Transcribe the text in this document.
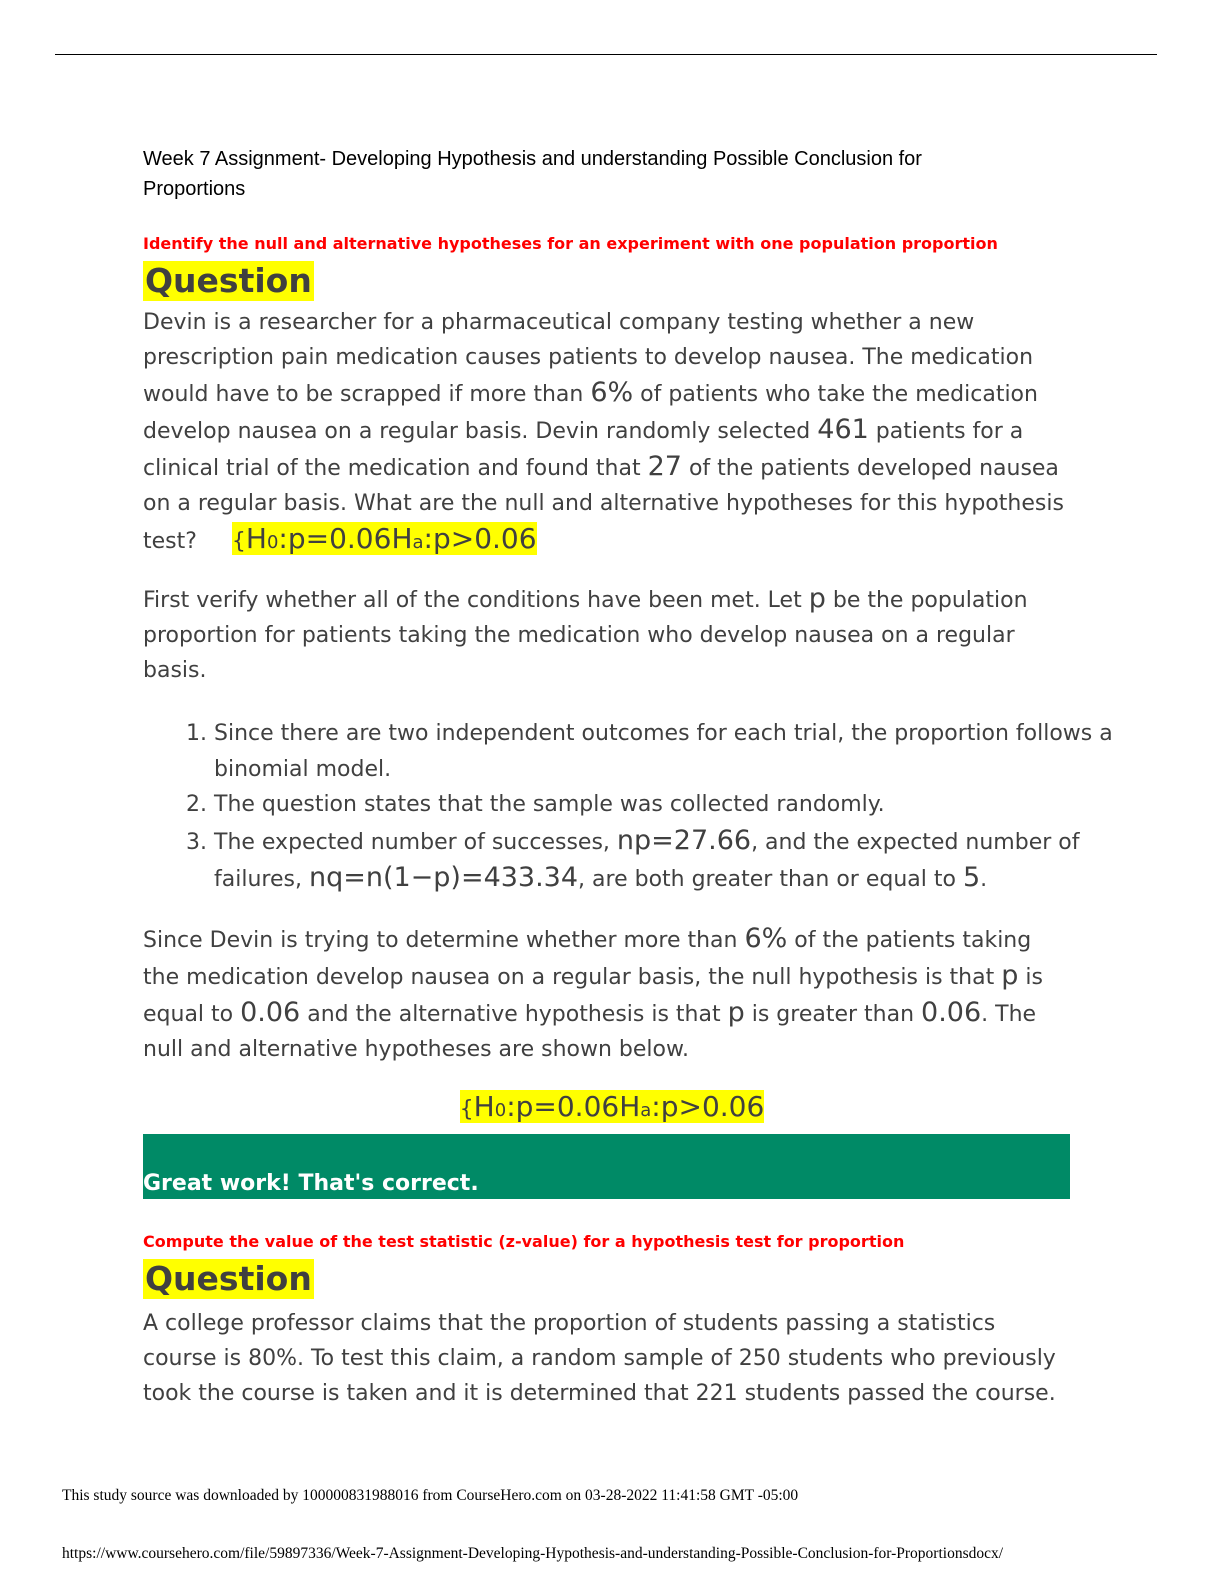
Week 7 Assignment- Developing Hypothesis and understanding Possible Conclusion for Proportions
Identify the null and alternative hypotheses for an experiment with one population proportion
Question
Devin is a researcher for a pharmaceutical company testing whether a new prescription pain medication causes patients to develop nausea. The medication would have to be scrapped if more than 6% of patients who take the medication develop nausea on a regular basis. Devin randomly selected 461 patients for a clinical trial of the medication and found that 27 of the patients developed nausea on a regular basis. What are the null and alternative hypotheses for this hypothesis test? {H0:p=0.06Ha:p>0.06
First verify whether all of the conditions have been met. Let p be the population proportion for patients taking the medication who develop nausea on a regular basis.
1. Since there are two independent outcomes for each trial, the proportion follows a binomial model.
2. The question states that the sample was collected randomly.
3. The expected number of successes, np=27.66, and the expected number of failures, nq=n(1−p)=433.34, are both greater than or equal to 5.
Since Devin is trying to determine whether more than 6% of the patients taking the medication develop nausea on a regular basis, the null hypothesis is that p is equal to 0.06 and the alternative hypothesis is that p is greater than 0.06. The null and alternative hypotheses are shown below.
{H0:p=0.06Ha:p>0.06
Great work! That's correct.
Compute the value of the test statistic (z-value) for a hypothesis test for proportion
Question
A college professor claims that the proportion of students passing a statistics course is 80%. To test this claim, a random sample of 250 students who previously took the course is taken and it is determined that 221 students passed the course.
This study source was downloaded by 100000831988016 from CourseHero.com on 03-28-2022 11:41:58 GMT -05:00
https://www.coursehero.com/file/59897336/Week-7-Assignment-Developing-Hypothesis-and-understanding-Possible-Conclusion-for-Proportionsdocx/
